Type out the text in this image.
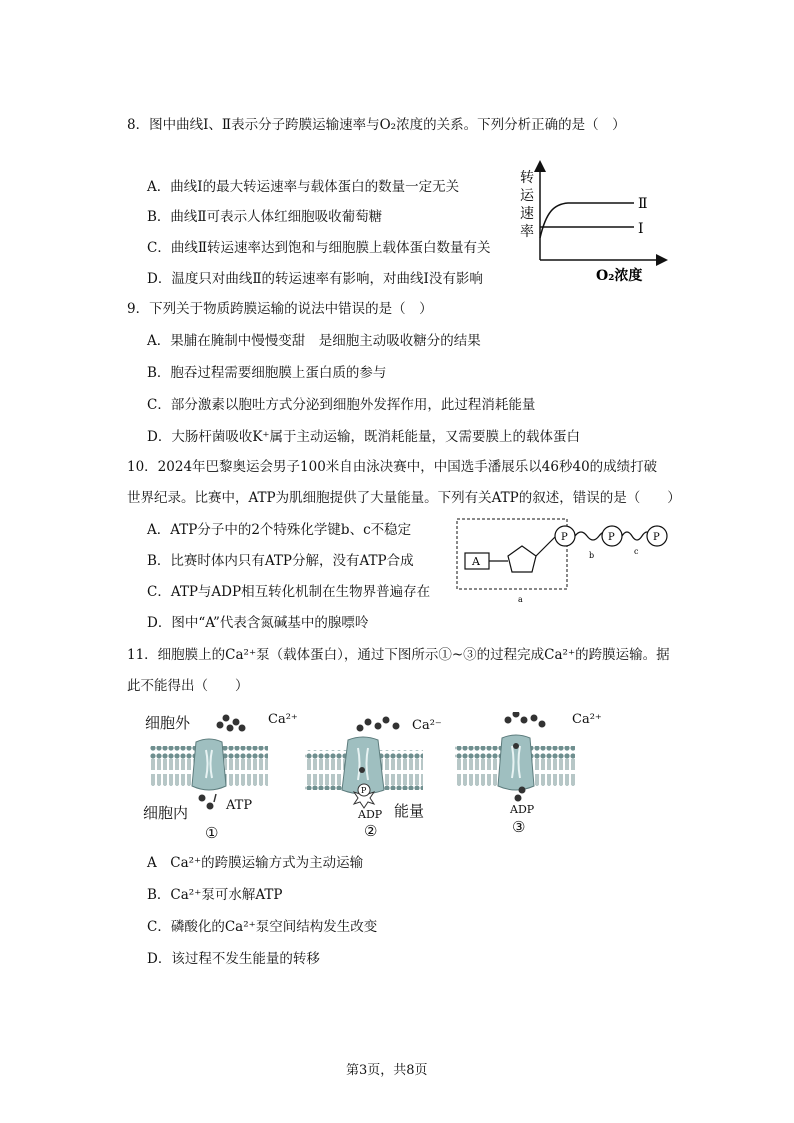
8．图中曲线Ⅰ、Ⅱ表示分子跨膜运输速率与O₂浓度的关系。下列分析正确的是（　）
A．曲线Ⅰ的最大转运速率与载体蛋白的数量一定无关
B．曲线Ⅱ可表示人体红细胞吸收葡萄糖
C．曲线Ⅱ转运速率达到饱和与细胞膜上载体蛋白数量有关
D．温度只对曲线Ⅱ的转运速率有影响，对曲线Ⅰ没有影响
转
运
速
率
Ⅱ
Ⅰ
O₂浓度
9．下列关于物质跨膜运输的说法中错误的是（　）
A．果脯在腌制中慢慢变甜　是细胞主动吸收糖分的结果
B．胞吞过程需要细胞膜上蛋白质的参与
C．部分激素以胞吐方式分泌到细胞外发挥作用，此过程消耗能量
D．大肠杆菌吸收K⁺属于主动运输，既消耗能量，又需要膜上的载体蛋白
10．2024年巴黎奥运会男子100米自由泳决赛中，中国选手潘展乐以46秒40的成绩打破
世界纪录。比赛中，ATP为肌细胞提供了大量能量。下列有关ATP的叙述，错误的是（　　）
A．ATP分子中的2个特殊化学键b、c不稳定
B．比赛时体内只有ATP分解，没有ATP合成
C．ATP与ADP相互转化机制在生物界普遍存在
D．图中“A”代表含氮碱基中的腺嘌呤
A
P	P	P
b	c
a
11．细胞膜上的Ca²⁺泵（载体蛋白），通过下图所示①~③的过程完成Ca²⁺的跨膜运输。据
此不能得出（　　）
细胞外
细胞内
Ca²⁺	Ca²⁻	Ca²⁺
ATP
ADP 能量	ADP
①	②	③
P
A　Ca²⁺的跨膜运输方式为主动运输
B．Ca²⁺泵可水解ATP
C．磷酸化的Ca²⁺泵空间结构发生改变
D．该过程不发生能量的转移
第3页，共8页
